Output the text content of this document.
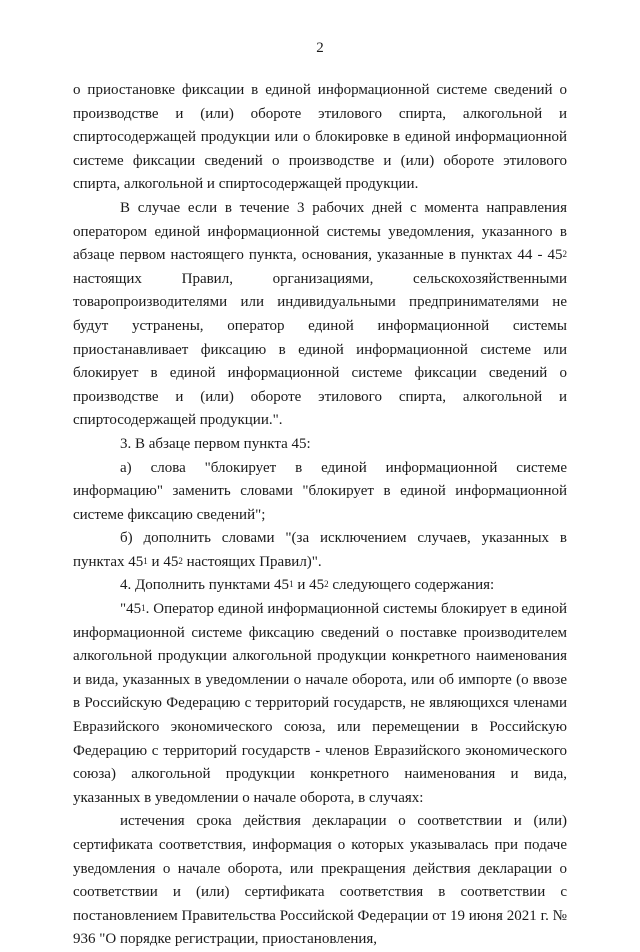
2

о приостановке фиксации в единой информационной системе сведений о производстве и (или) обороте этилового спирта, алкогольной и спиртосодержащей продукции или о блокировке в единой информационной системе фиксации сведений о производстве и (или) обороте этилового спирта, алкогольной и спиртосодержащей продукции.

В случае если в течение 3 рабочих дней с момента направления оператором единой информационной системы уведомления, указанного в абзаце первом настоящего пункта, основания, указанные в пунктах $44 - 45^2$ настоящих Правил, организациями, сельскохозяйственными товаропроизводителями или индивидуальными предпринимателями не будут устранены, оператор единой информационной системы приостанавливает фиксацию в единой информационной системе или блокирует в единой информационной системе фиксации сведений о производстве и (или) обороте этилового спирта, алкогольной и спиртосодержащей продукции.".

3. В абзаце первом пункта 45:

а) слова "блокирует в единой информационной системе информацию" заменить словами "блокирует в единой информационной системе фиксацию сведений";

б) дополнить словами "(за исключением случаев, указанных в пунктах $45^1$ и $45^2$ настоящих Правил)".

4. Дополнить пунктами $45^1$ и $45^2$ следующего содержания:

"$45^1$. Оператор единой информационной системы блокирует в единой информационной системе фиксацию сведений о поставке производителем алкогольной продукции алкогольной продукции конкретного наименования и вида, указанных в уведомлении о начале оборота, или об импорте (о ввозе в Российскую Федерацию с территорий государств, не являющихся членами Евразийского экономического союза, или перемещении в Российскую Федерацию с территорий государств - членов Евразийского экономического союза) алкогольной продукции конкретного наименования и вида, указанных в уведомлении о начале оборота, в случаях:

истечения срока действия декларации о соответствии и (или) сертификата соответствия, информация о которых указывалась при подаче уведомления о начале оборота, или прекращения действия декларации о соответствии и (или) сертификата соответствия в соответствии с постановлением Правительства Российской Федерации от 19 июня 2021 г. № 936 "О порядке регистрации, приостановления,
